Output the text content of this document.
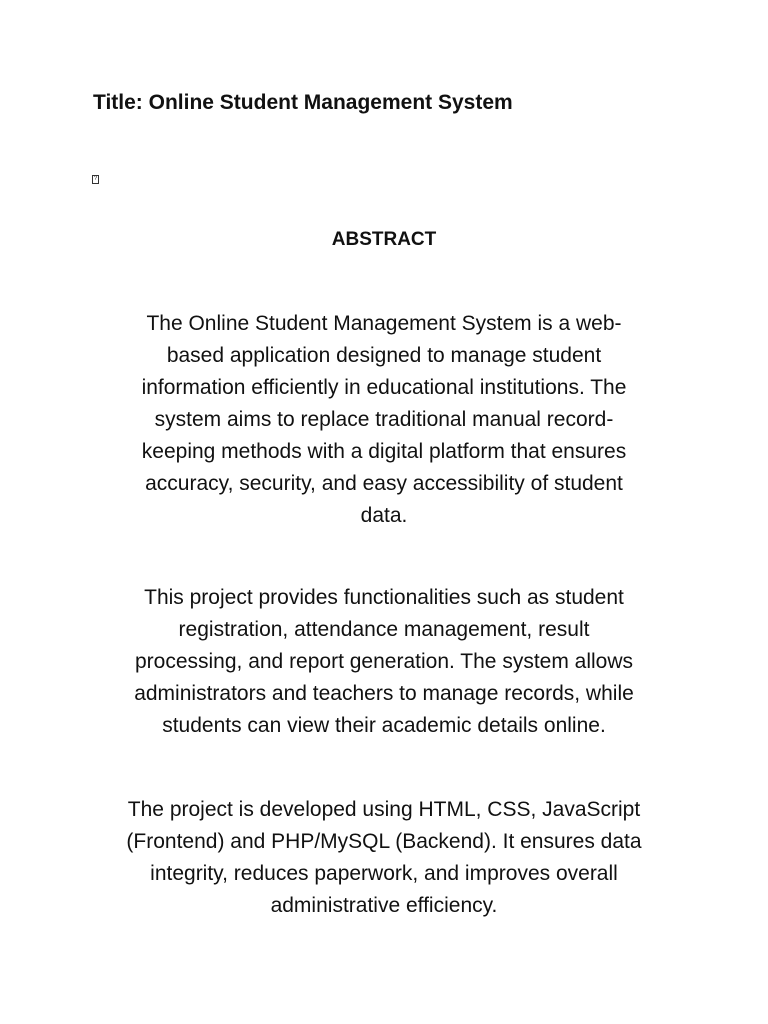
Title: Online Student Management System
?
ABSTRACT

The Online Student Management System is a web-
based application designed to manage student
information efficiently in educational institutions. The
system aims to replace traditional manual record-
keeping methods with a digital platform that ensures
accuracy, security, and easy accessibility of student
data.

This project provides functionalities such as student
registration, attendance management, result
processing, and report generation. The system allows
administrators and teachers to manage records, while
students can view their academic details online.

The project is developed using HTML, CSS, JavaScript
(Frontend) and PHP/MySQL (Backend). It ensures data
integrity, reduces paperwork, and improves overall
administrative efficiency.
